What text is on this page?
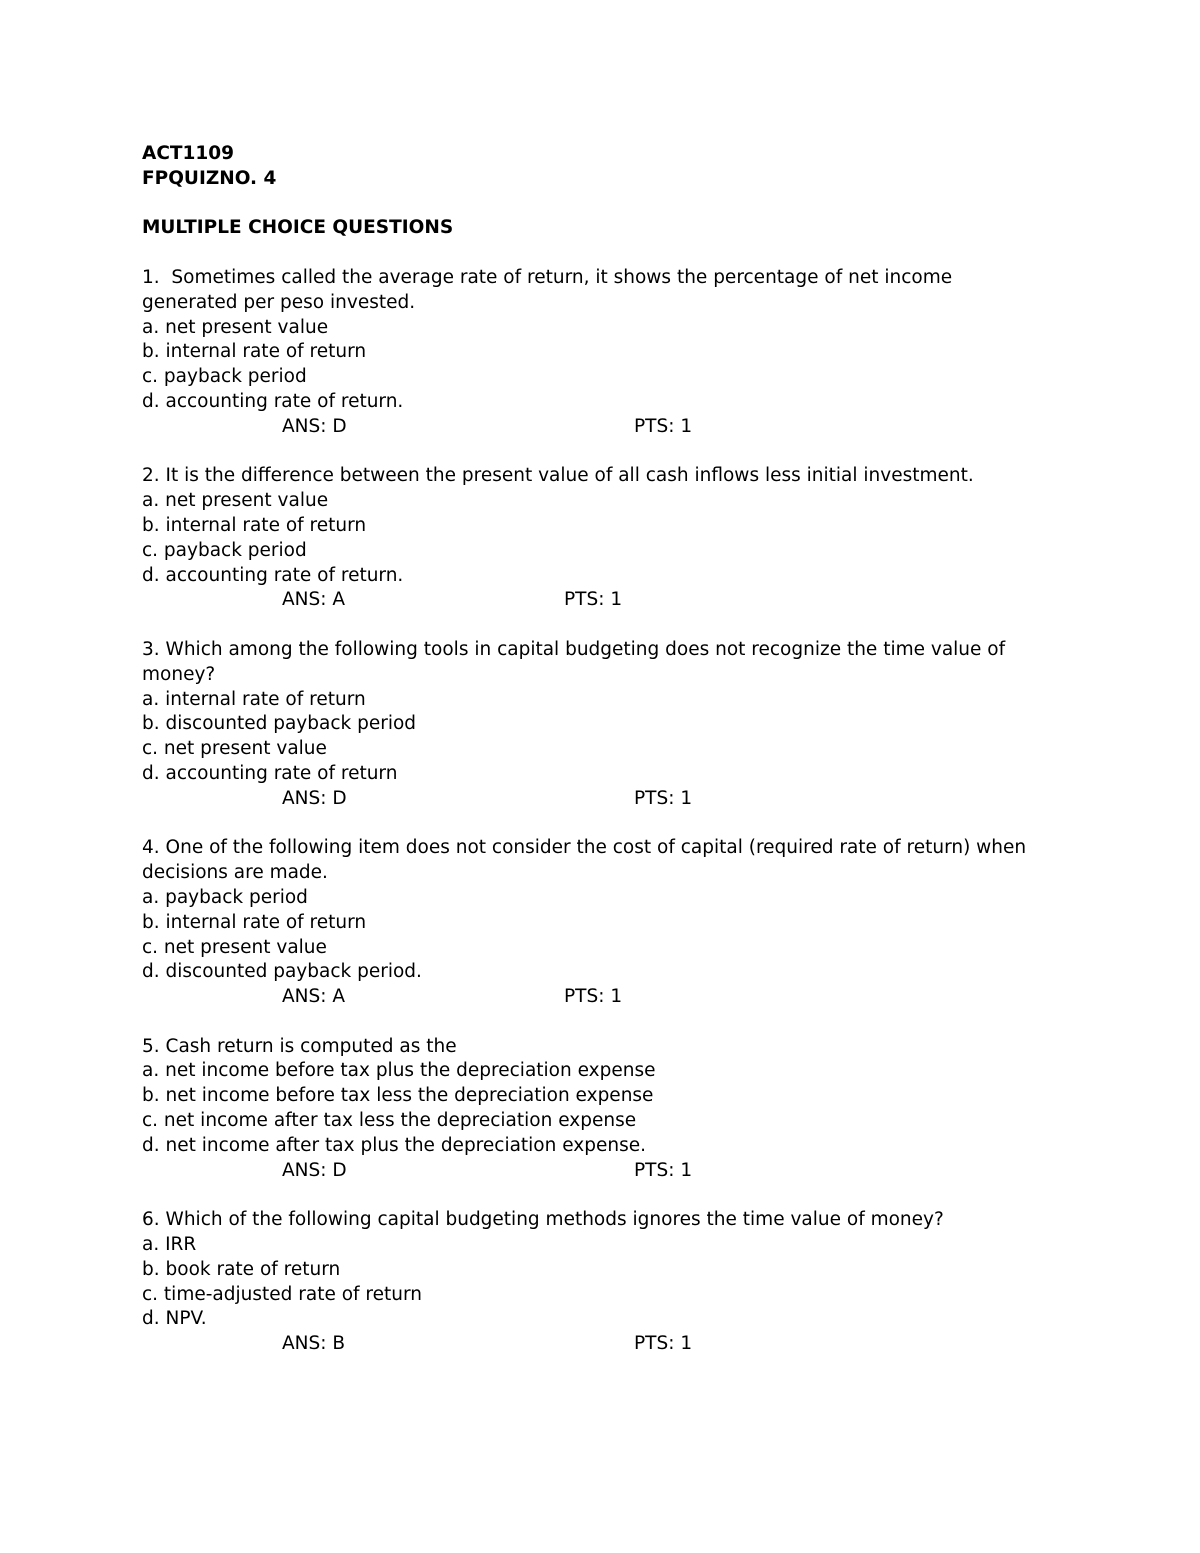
ACT1109
FPQUIZNO. 4
MULTIPLE CHOICE QUESTIONS
1.  Sometimes called the average rate of return, it shows the percentage of net income
generated per peso invested.
a. net present value
b. internal rate of return
c. payback period
d. accounting rate of return.
ANS: D	PTS: 1
2. It is the difference between the present value of all cash inflows less initial investment.
a. net present value
b. internal rate of return
c. payback period
d. accounting rate of return.
ANS: A	PTS: 1
3. Which among the following tools in capital budgeting does not recognize the time value of
money?
a. internal rate of return
b. discounted payback period
c. net present value
d. accounting rate of return
ANS: D	PTS: 1
4. One of the following item does not consider the cost of capital (required rate of return) when
decisions are made.
a. payback period
b. internal rate of return
c. net present value
d. discounted payback period.
ANS: A	PTS: 1
5. Cash return is computed as the
a. net income before tax plus the depreciation expense
b. net income before tax less the depreciation expense
c. net income after tax less the depreciation expense
d. net income after tax plus the depreciation expense.
ANS: D	PTS: 1
6. Which of the following capital budgeting methods ignores the time value of money?
a. IRR
b. book rate of return
c. time-adjusted rate of return
d. NPV.
ANS: B	PTS: 1
